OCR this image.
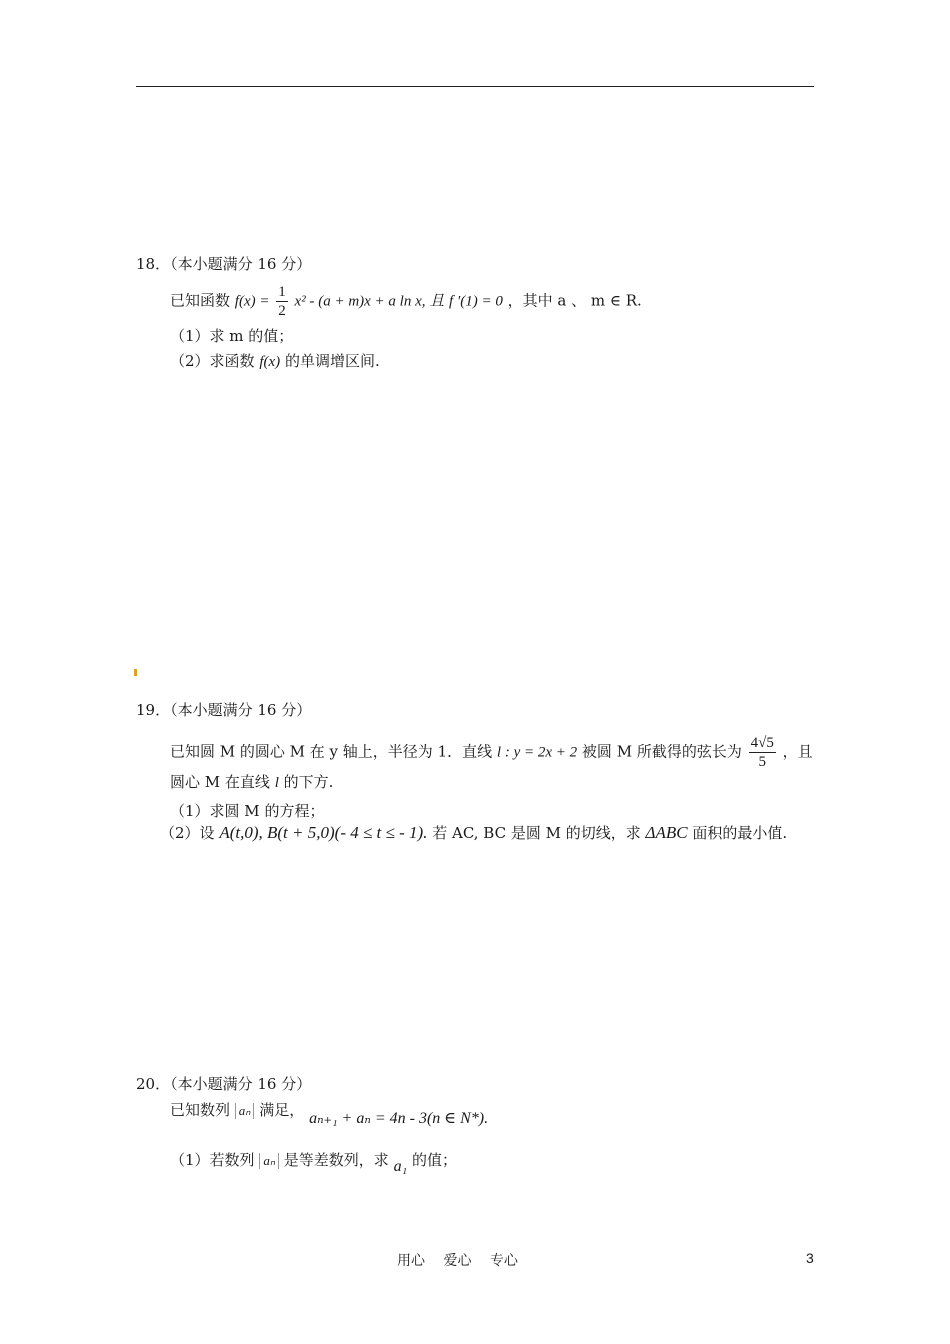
18．（本小题满分 16 分）
已知函数 $f(x) = \frac{1}{2} x^2 - (a + m)x + a$ ln x, 且 f ′(1) = 0 ，其中 a 、 m ∈ R.
（1）求 m 的值；
（2）求函数 f(x) 的单调增区间.
19．（本小题满分 16 分）
已知圆 M 的圆心 M 在 y 轴上，半径为 1．直线 l : y = 2x + 2 被圆 M 所截得的弦长为 $\frac{4√5}{5}$ ，且
圆心 M 在直线 l 的下方.
（1）求圆 M 的方程；
（2）设 A(t,0), B(t + 5,0)(- 4 ≤ t ≤ - 1). 若 AC, BC 是圆 M 的切线，求 ΔABC 面积的最小值.
20．（本小题满分 16 分）
已知数列 aₙ 满足， aₙ₊₁ + aₙ = 4n - 3(n ∈ N*).
（1）若数列 aₙ 是等差数列，求 a₁ 的值；
用心 爱心 专心	3
